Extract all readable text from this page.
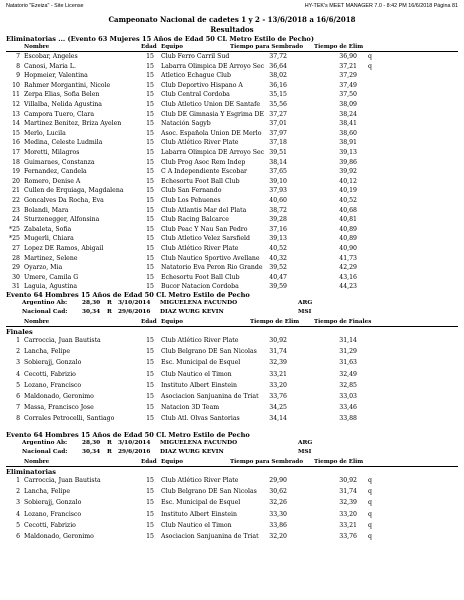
Natatorio "Ezeiza" - Site License	HY-TEK's MEET MANAGER 7.0 - 8:42 PM 16/6/2018 Página 81
Campeonato Nacional de cadetes 1 y 2 - 13/6/2018 a 16/6/2018
Resultados
Eliminatorias ... (Evento 63 Mujeres 15 Años de Edad 50 CL Metro Estilo de Pecho)
Nombre	Edad Equipo	Tiempo para Sembrado Tiempo de Elim
7 Escobar, Angeles	15 Club Ferro Carril Sud	37,72	36,90 q
8 Canosi, Maria L.	15 Labarra Olimpica DE Arroyo Sec 36,64	37,21 q
9 Hopmeier, Valentina	15 Atletico Echague Club	38,02	37,29
10 Rahmer Morgantini, Nicole	15 Club Deportivo Hispano A	36,16	37,49
11 Zerpa Elias, Sofia Belen	15 Club Central Cordoba	35,15	37,50
12 Villalba, Nelida Agustina	15 Club Atletico Union DE Santafe	35,56	38,09
13 Campora Tuero, Clara	15 Club DE Gimnasia Y Esgrima DE 37,27	38,24
14 Martinez Benitez, Briza Ayelen	15 Natación Sagyb	37,01	38,41
15 Merlo, Lucila	15 Asoc. Española Union DE Merlo	37,97	38,60
16 Medina, Celeste Ludmila	15 Club Atlético River Plate	37,18	38,91
17 Moretti, Milagros	15 Labarra Olimpica DE Arroyo Sec 39,51	39,13
18 Guimaraes, Constanza	15 Club Prog Asoc Rem Indep	38,14	39,86
19 Fernandez, Candela	15 C A Independiente Escobar	37,65	39,92
20 Romero, Denise A	15 Echesortu Foot Ball Club	39,10	40,12
21 Cullen de Erquiaga, Magdalena	15 Club San Fernando	37,93	40,19
22 Goncalves Da Rocha, Eva	15 Club Los Pehuenes	40,60	40,52
23 Bolandi, Mara	15 Club Atlantis Mar del Plata	38,72	40,68
24 Sturzenegger, Alfonsina	15 Club Racing Balcarce	39,28	40,81
*25 Zabaleta, Sofia	15 Club Peac Y Nau San Pedro	37,16	40,89
*25 Mugerli, Chiara	15 Club Atletico Velez Sarsfield	39,13	40,89
27 Lopez DE Ramos, Abigail	15 Club Atlético River Plate	40,52	40,90
28 Martinez, Selene	15 Club Nautico Sportivo Avellane	40,32	41,73
29 Oyarzo, Mia	15 Natatorio Eva Peron Rio Grande	39,52	42,29
30 Umere, Camila G	15 Echesortu Foot Ball Club	40,47	43,16
31 Laguia, Agustina	15 Bucor Natacion Cordoba	39,59	44,23
Evento 64 Hombres 15 Años de Edad 50 CL Metro Estilo de Pecho
Argentino Ab:	28,30 R 3/10/2014 MIGUELENA FACUNDO	ARG
Nacional Cad:	30,34 R 29/6/2016 DIAZ WURG KEVIN	MSI
Nombre	Edad Equipo	Tiempo de Elim	Tiempo de Finales
Finales
1 Carroccia, Juan Bautista	15 Club Atlético River Plate	30,92	31,14
2 Lancha, Felipe	15 Club Belgrano DE San Nicolas	31,74	31,29
3 Sobierajj, Gonzalo	15 Esc. Municipal de Esquel	32,39	31,63
4 Cecotti, Fabrizio	15 Club Nautico el Timon	33,21	32,49
5 Lozano, Francisco	15 Instituto Albert Einstein	33,20	32,85
6 Maldonado, Geronimo	15 Asociacion Sanjuanina de Triat	33,76	33,03
7 Massa, Francisco Jose	15 Natacion 3D Team	34,25	33,46
8 Corrales Petrocelli, Santiago	15 Club Atl. Olvas Santorias	34,14	33,88
Evento 64 Hombres 15 Años de Edad 50 CL Metro Estilo de Pecho
Argentino Ab:	28,30 R 3/10/2014 MIGUELENA FACUNDO	ARG
Nacional Cad:	30,34 R 29/6/2016 DIAZ WURG KEVIN	MSI
Nombre	Edad Equipo	Tiempo para Sembrado Tiempo de Elim
Eliminatorias
1 Carroccia, Juan Bautista	15 Club Atlético River Plate	29,90	30,92 q
2 Lancha, Felipe	15 Club Belgrano DE San Nicolas	30,62	31,74 q
3 Sobierajj, Gonzalo	15 Esc. Municipal de Esquel	32,26	32,39 q
4 Lozano, Francisco	15 Instituto Albert Einstein	33,30	33,20 q
5 Cecotti, Fabrizio	15 Club Nautico el Timon	33,86	33,21 q
6 Maldonado, Geronimo	15 Asociacion Sanjuanina de Triat	32,20	33,76 q
